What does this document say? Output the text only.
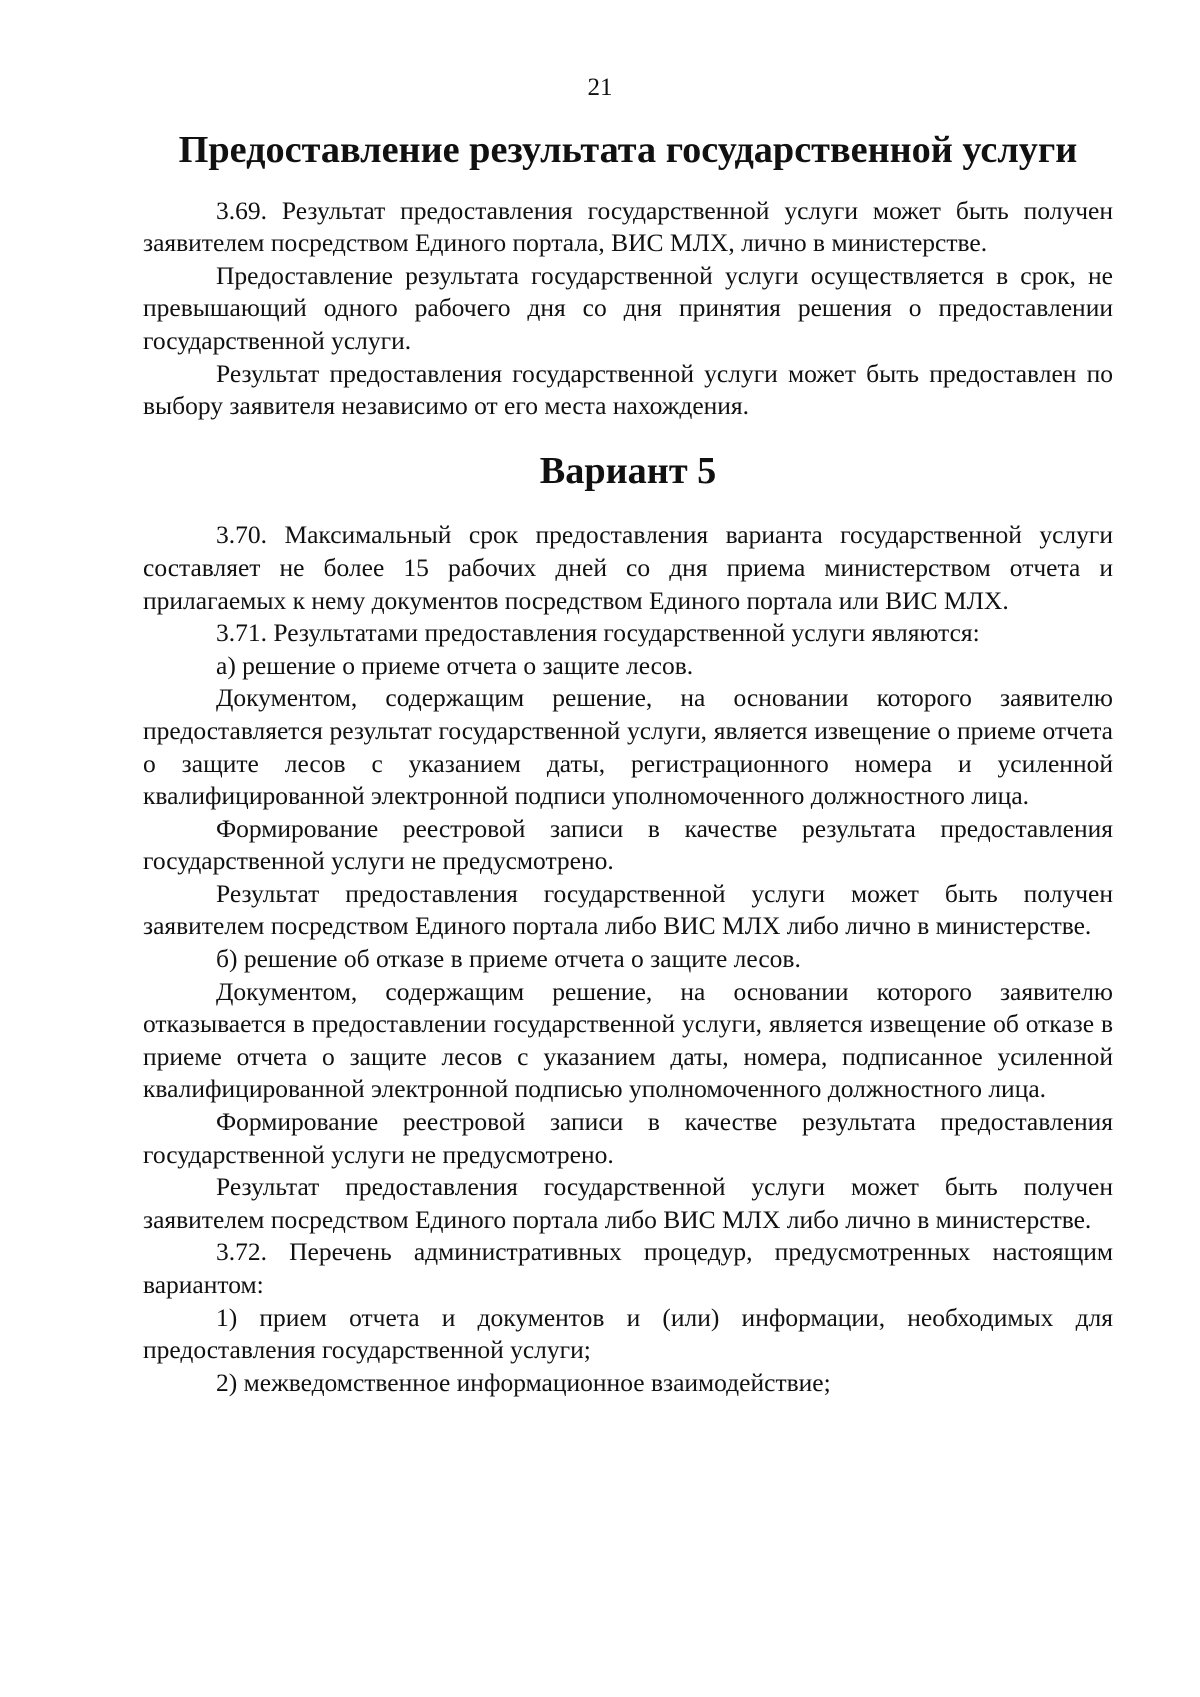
21
Предоставление результата государственной услуги

3.69. Результат предоставления государственной услуги может быть получен заявителем посредством Единого портала, ВИС МЛХ, лично в министерстве.

Предоставление результата государственной услуги осуществляется в срок, не превышающий одного рабочего дня со дня принятия решения о предоставлении государственной услуги.

Результат предоставления государственной услуги может быть предоставлен по выбору заявителя независимо от его места нахождения.

Вариант 5

3.70. Максимальный срок предоставления варианта государственной услуги составляет не более 15 рабочих дней со дня приема министерством отчета и прилагаемых к нему документов посредством Единого портала или ВИС МЛХ.

3.71. Результатами предоставления государственной услуги являются:

а) решение о приеме отчета о защите лесов.

Документом, содержащим решение, на основании которого заявителю предоставляется результат государственной услуги, является извещение о приеме отчета о защите лесов с указанием даты, регистрационного номера и усиленной квалифицированной электронной подписи уполномоченного должностного лица.

Формирование реестровой записи в качестве результата предоставления государственной услуги не предусмотрено.

Результат предоставления государственной услуги может быть получен заявителем посредством Единого портала либо ВИС МЛХ либо лично в министерстве.

б) решение об отказе в приеме отчета о защите лесов.

Документом, содержащим решение, на основании которого заявителю отказывается в предоставлении государственной услуги, является извещение об отказе в приеме отчета о защите лесов с указанием даты, номера, подписанное усиленной квалифицированной электронной подписью уполномоченного должностного лица.

Формирование реестровой записи в качестве результата предоставления государственной услуги не предусмотрено.

Результат предоставления государственной услуги может быть получен заявителем посредством Единого портала либо ВИС МЛХ либо лично в министерстве.

3.72. Перечень административных процедур, предусмотренных настоящим вариантом:

1) прием отчета и документов и (или) информации, необходимых для предоставления государственной услуги;

2) межведомственное информационное взаимодействие;
